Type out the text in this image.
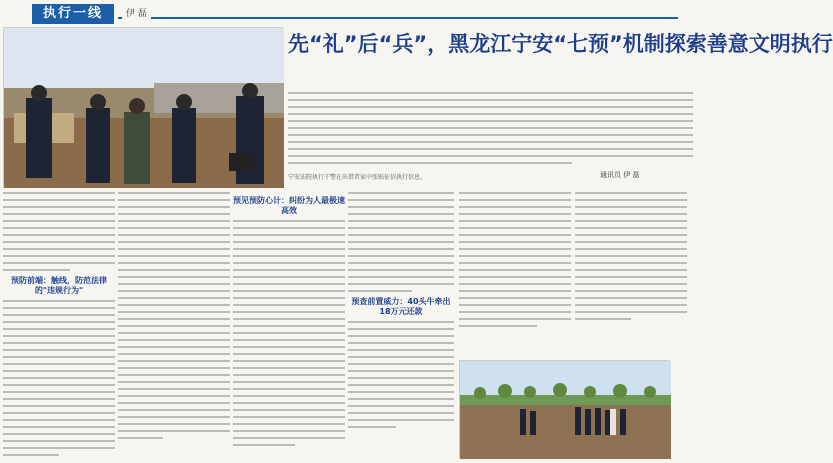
执行一线	伊 磊
先“礼”后“兵”，黑龙江宁安“七预”机制探索善意文明执行
宁安法院执行干警在出借者家中张贴征信执行信息。	通讯员 伊 磊
预防前端：触线，防范法律的"违规行为"
预见预防心计：纠纷为人最极速高效
预查前置威力：40头牛牵出18万元还款
